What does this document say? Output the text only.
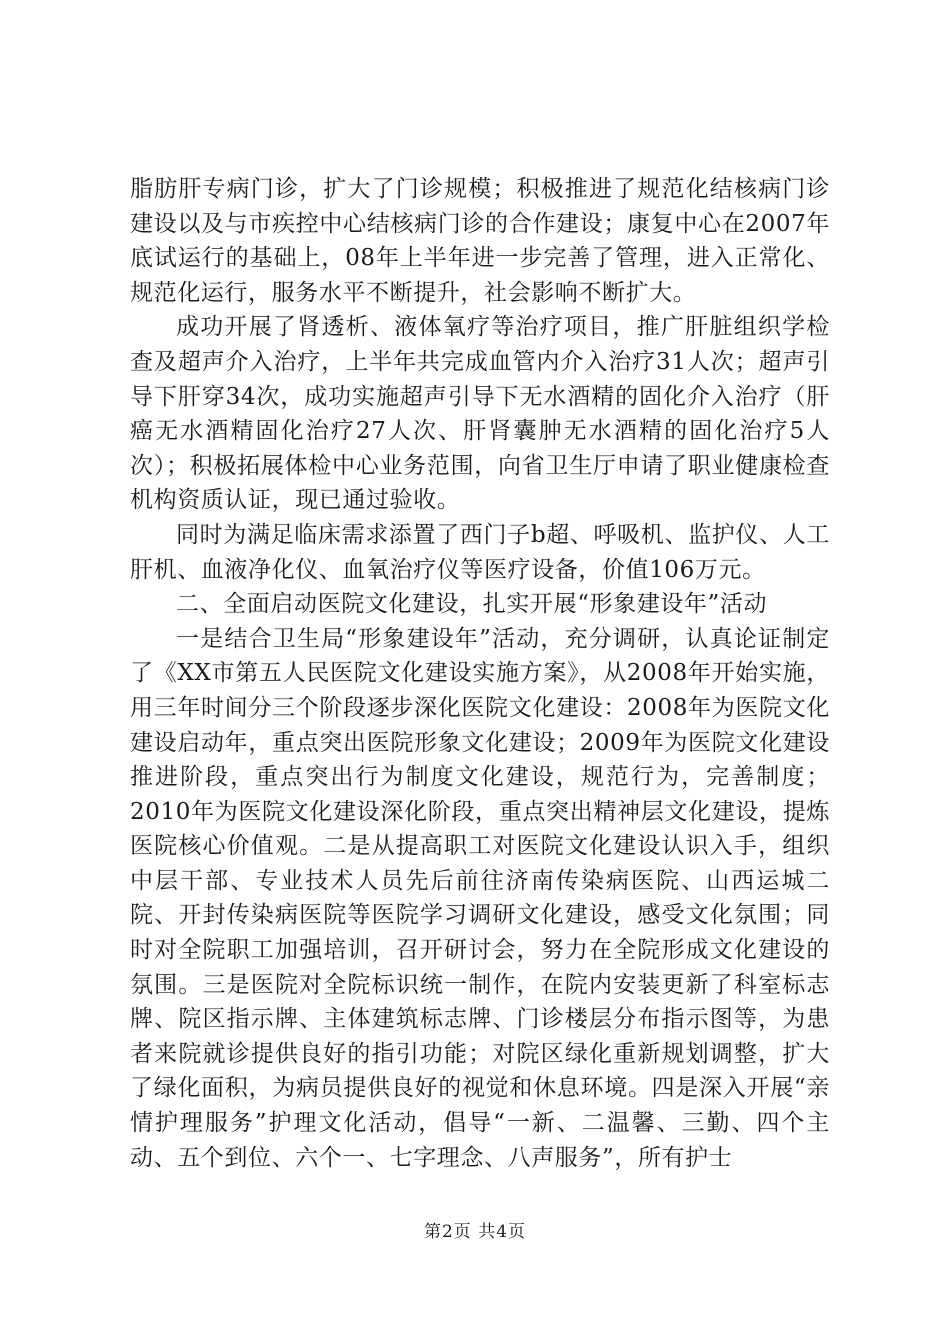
脂肪肝专病门诊，扩大了门诊规模；积极推进了规范化结核病门诊建设以及与市疾控中心结核病门诊的合作建设；康复中心在2007年底试运行的基础上，08年上半年进一步完善了管理，进入正常化、规范化运行，服务水平不断提升，社会影响不断扩大。

成功开展了肾透析、液体氧疗等治疗项目，推广肝脏组织学检查及超声介入治疗，上半年共完成血管内介入治疗31人次；超声引导下肝穿34次，成功实施超声引导下无水酒精的固化介入治疗（肝癌无水酒精固化治疗27人次、肝肾囊肿无水酒精的固化治疗5人次）；积极拓展体检中心业务范围，向省卫生厅申请了职业健康检查机构资质认证，现已通过验收。

同时为满足临床需求添置了西门子b超、呼吸机、监护仪、人工肝机、血液净化仪、血氧治疗仪等医疗设备，价值106万元。

二、全面启动医院文化建设，扎实开展“形象建设年”活动

一是结合卫生局“形象建设年”活动，充分调研，认真论证制定了《XX市第五人民医院文化建设实施方案》，从2008年开始实施，用三年时间分三个阶段逐步深化医院文化建设：2008年为医院文化建设启动年，重点突出医院形象文化建设；2009年为医院文化建设推进阶段，重点突出行为制度文化建设，规范行为，完善制度；2010年为医院文化建设深化阶段，重点突出精神层文化建设，提炼医院核心价值观。二是从提高职工对医院文化建设认识入手，组织中层干部、专业技术人员先后前往济南传染病医院、山西运城二院、开封传染病医院等医院学习调研文化建设，感受文化氛围；同时对全院职工加强培训，召开研讨会，努力在全院形成文化建设的氛围。三是医院对全院标识统一制作，在院内安装更新了科室标志牌、院区指示牌、主体建筑标志牌、门诊楼层分布指示图等，为患者来院就诊提供良好的指引功能；对院区绿化重新规划调整，扩大了绿化面积，为病员提供良好的视觉和休息环境。四是深入开展“亲情护理服务”护理文化活动，倡导“一新、二温馨、三勤、四个主动、五个到位、六个一、七字理念、八声服务”，所有护士

第2页 共4页
